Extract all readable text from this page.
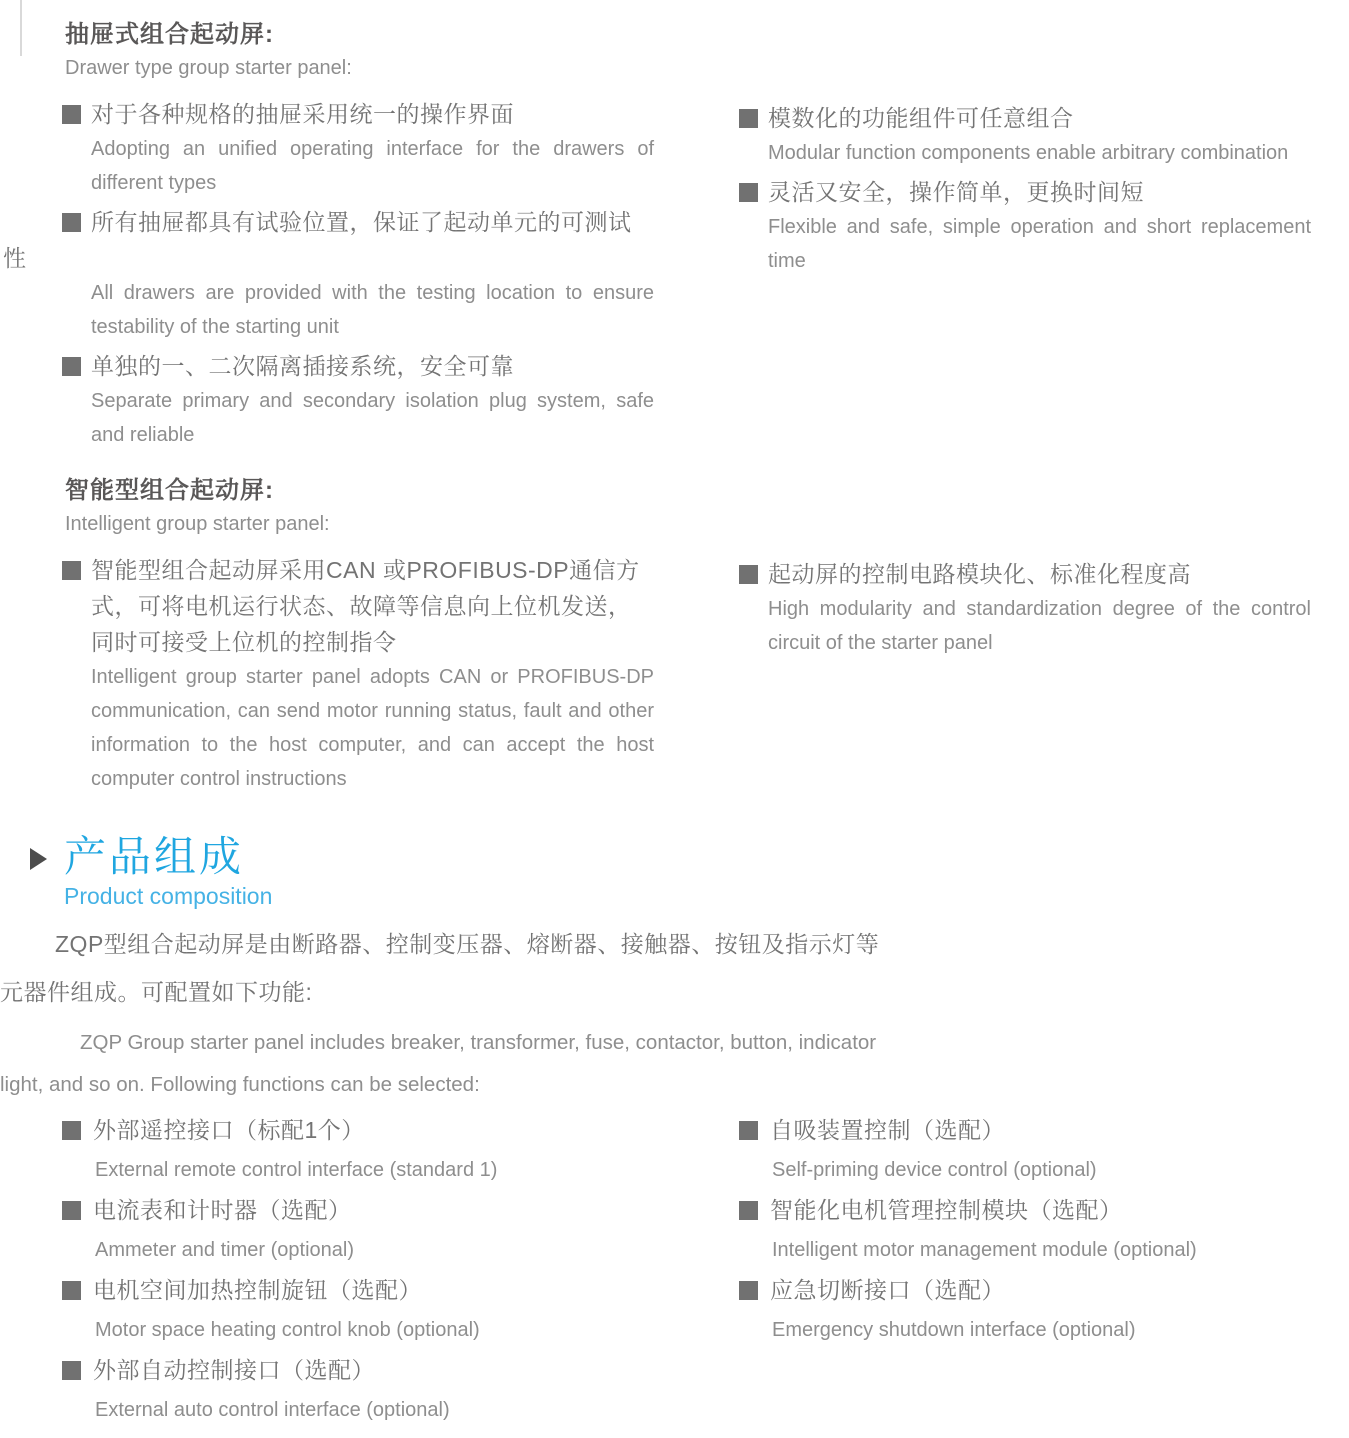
抽屉式组合起动屏:
Drawer type group starter panel:
对于各种规格的抽屉采用统一的操作界面
Adopting an unified operating interface for the drawers of different types
所有抽屉都具有试验位置，保证了起动单元的可测试
性
All drawers are provided with the testing location to ensure testability of the starting unit
单独的一、二次隔离插接系统，安全可靠
Separate primary and secondary isolation plug system, safe and reliable
模数化的功能组件可任意组合
Modular function components enable arbitrary combination
灵活又安全，操作简单，更换时间短
Flexible and safe, simple operation and short replacement time
智能型组合起动屏:
Intelligent group starter panel:
智能型组合起动屏采用CAN 或PROFIBUS-DP通信方式，可将电机运行状态、故障等信息向上位机发送，同时可接受上位机的控制指令
Intelligent group starter panel adopts CAN or PROFIBUS-DP communication, can send motor running status, fault and other information to the host computer, and can accept the host computer control instructions
起动屏的控制电路模块化、标准化程度高
High modularity and standardization degree of the control circuit of the starter panel
产品组成
Product composition
ZQP型组合起动屏是由断路器、控制变压器、熔断器、接触器、按钮及指示灯等
元器件组成。可配置如下功能:
ZQP Group starter panel includes breaker, transformer, fuse, contactor, button, indicator
light, and so on. Following functions can be selected:
外部遥控接口（标配1个）
External remote control interface (standard 1)
电流表和计时器（选配）
Ammeter and timer (optional)
电机空间加热控制旋钮（选配）
Motor space heating control knob (optional)
外部自动控制接口（选配）
External auto control interface (optional)
自吸装置控制（选配）
Self-priming device control (optional)
智能化电机管理控制模块（选配）
Intelligent motor management module (optional)
应急切断接口（选配）
Emergency shutdown interface (optional)
